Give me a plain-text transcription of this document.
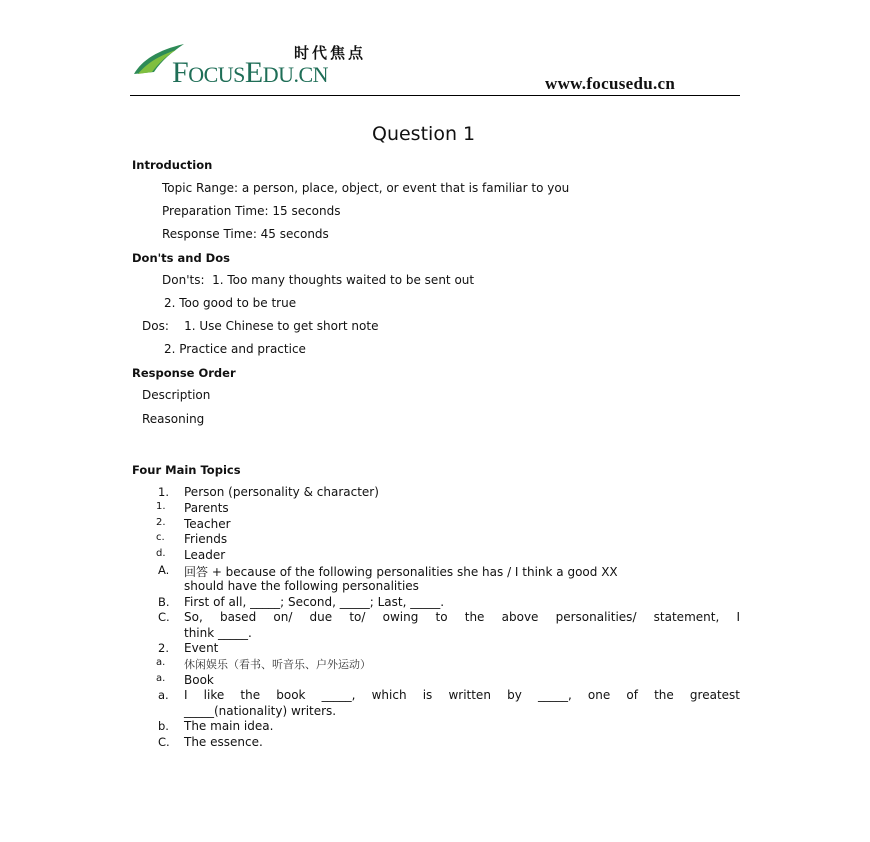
时代焦点
FOCUSEDU.CN	www.focusedu.cn
Question 1
Introduction
Topic Range: a person, place, object, or event that is familiar to you
Preparation Time: 15 seconds
Response Time: 45 seconds
Don'ts and Dos
Don'ts:  1. Too many thoughts waited to be sent out
2. Too good to be true
Dos:    1. Use Chinese to get short note
2. Practice and practice
Response Order
Description
Reasoning
Four Main Topics
1. Person (personality & character)
1. Parents
2. Teacher
c. Friends
d. Leader
A. 回答 + because of the following personalities she has / I think a good XX
should have the following personalities
B. First of all, _____; Second, _____; Last, _____.
C. So, based on/ due to/ owing to the above personalities/ statement, I
think _____.
2. Event
a. 休闲娱乐（看书、听音乐、户外运动）
a. Book
a. I like the book _____, which is written by _____, one of the greatest
_____(nationality) writers.
b. The main idea.
C. The essence.
